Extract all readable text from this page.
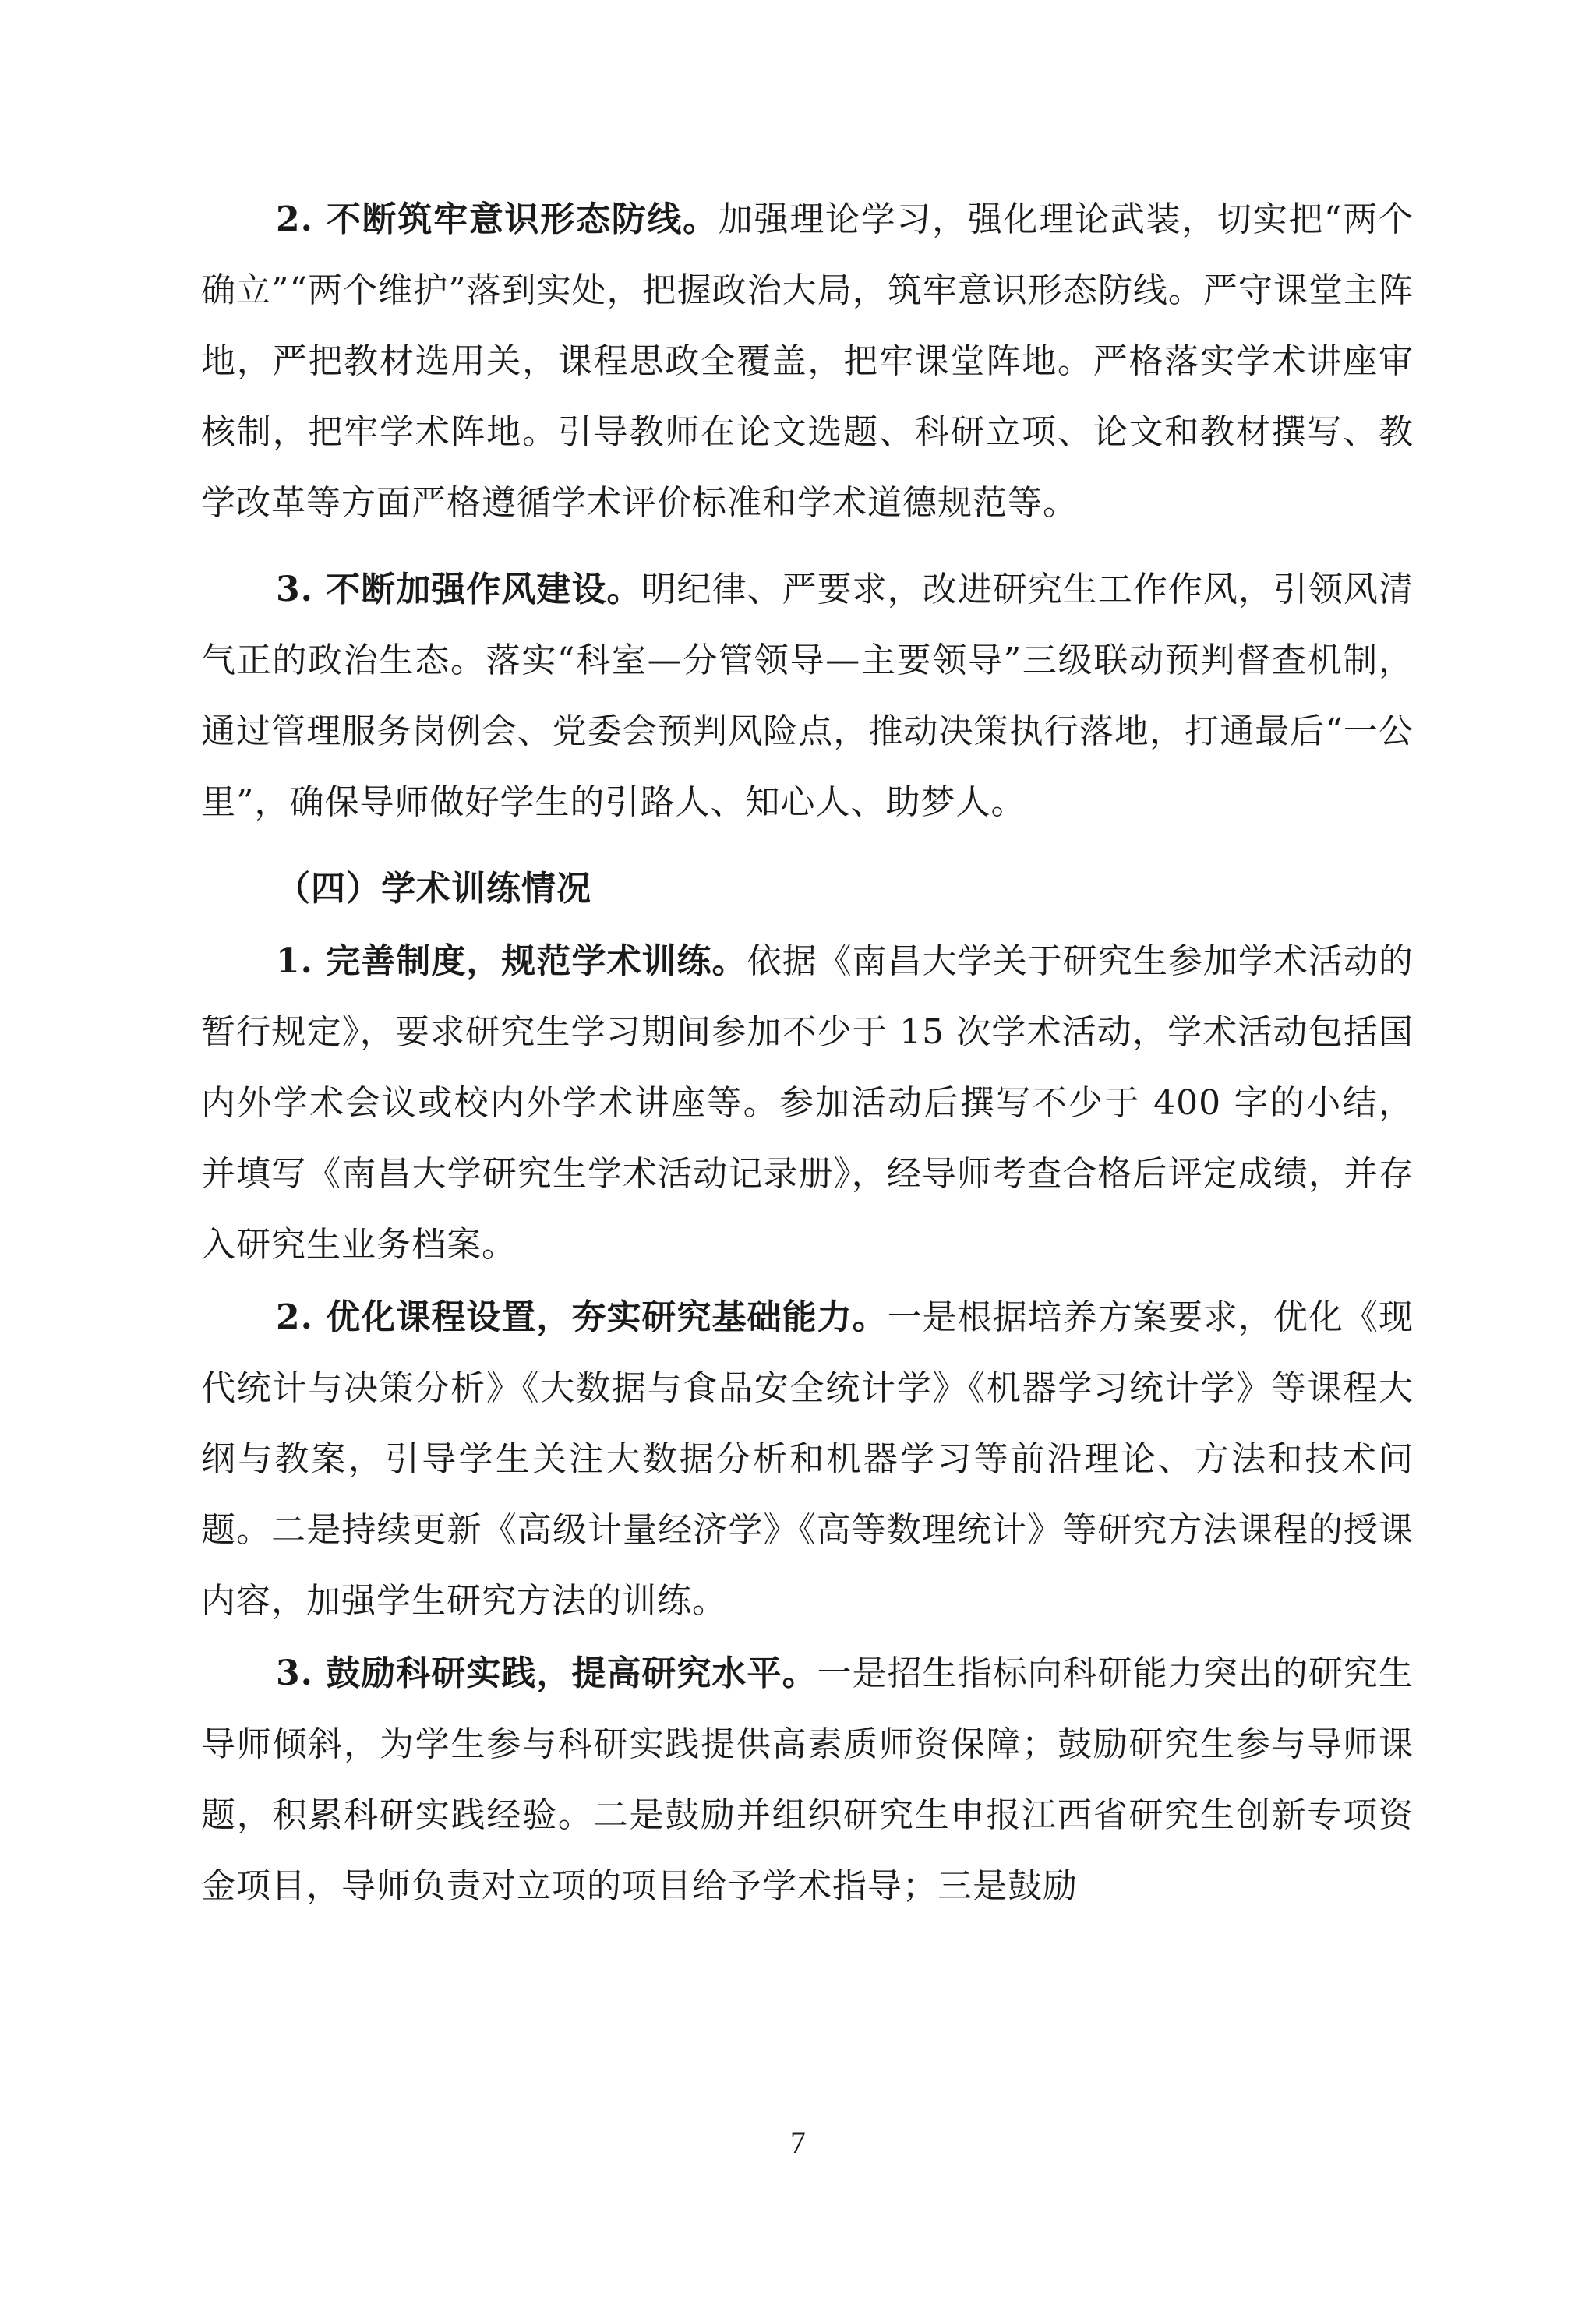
2. 不断筑牢意识形态防线。加强理论学习，强化理论武装，切实把“两个确立”“两个维护”落到实处，把握政治大局，筑牢意识形态防线。严守课堂主阵地，严把教材选用关，课程思政全覆盖，把牢课堂阵地。严格落实学术讲座审核制，把牢学术阵地。引导教师在论文选题、科研立项、论文和教材撰写、教学改革等方面严格遵循学术评价标准和学术道德规范等。

3. 不断加强作风建设。明纪律、严要求，改进研究生工作作风，引领风清气正的政治生态。落实“科室—分管领导—主要领导”三级联动预判督查机制，通过管理服务岗例会、党委会预判风险点，推动决策执行落地，打通最后“一公里”，确保导师做好学生的引路人、知心人、助梦人。

（四）学术训练情况

1. 完善制度，规范学术训练。依据《南昌大学关于研究生参加学术活动的暂行规定》，要求研究生学习期间参加不少于 15 次学术活动，学术活动包括国内外学术会议或校内外学术讲座等。参加活动后撰写不少于 400 字的小结，并填写《南昌大学研究生学术活动记录册》，经导师考查合格后评定成绩，并存入研究生业务档案。

2. 优化课程设置，夯实研究基础能力。一是根据培养方案要求，优化《现代统计与决策分析》《大数据与食品安全统计学》《机器学习统计学》等课程大纲与教案，引导学生关注大数据分析和机器学习等前沿理论、方法和技术问题。二是持续更新《高级计量经济学》《高等数理统计》等研究方法课程的授课内容，加强学生研究方法的训练。

3. 鼓励科研实践，提高研究水平。一是招生指标向科研能力突出的研究生导师倾斜，为学生参与科研实践提供高素质师资保障；鼓励研究生参与导师课题，积累科研实践经验。二是鼓励并组织研究生申报江西省研究生创新专项资金项目，导师负责对立项的项目给予学术指导；三是鼓励

7
